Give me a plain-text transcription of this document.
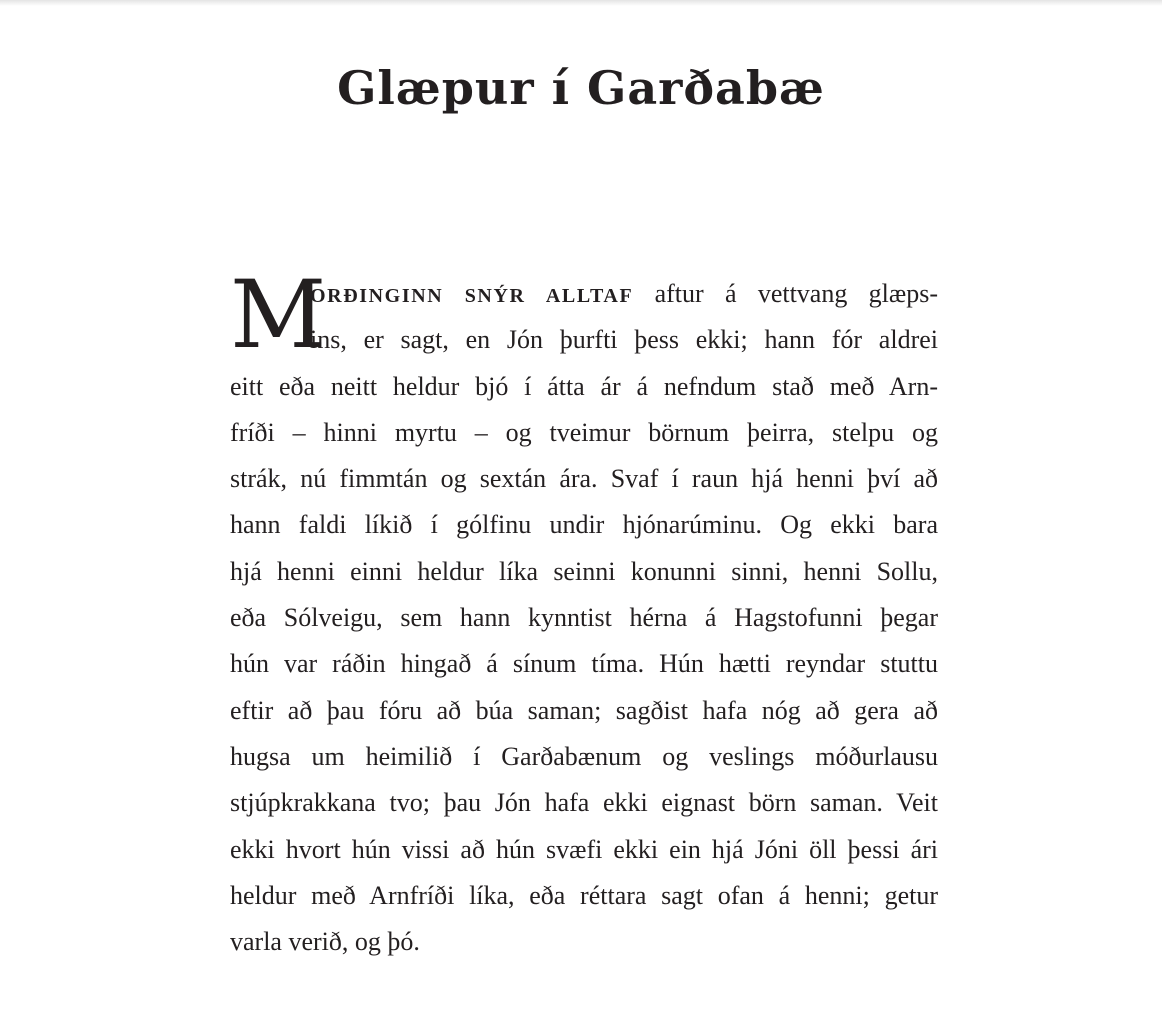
Glæpur í Garðabæ
M
ORÐINGINN SNÝR ALLTAF aftur á vettvang glæps-
ins, er sagt, en Jón þurfti þess ekki; hann fór aldrei
eitt eða neitt heldur bjó í átta ár á nefndum stað með Arn-
fríði – hinni myrtu – og tveimur börnum þeirra, stelpu og
strák, nú fimmtán og sextán ára. Svaf í raun hjá henni því að
hann faldi líkið í gólfinu undir hjónarúminu. Og ekki bara
hjá henni einni heldur líka seinni konunni sinni, henni Sollu,
eða Sólveigu, sem hann kynntist hérna á Hagstofunni þegar
hún var ráðin hingað á sínum tíma. Hún hætti reyndar stuttu
eftir að þau fóru að búa saman; sagðist hafa nóg að gera að
hugsa um heimilið í Garðabænum og veslings móðurlausu
stjúpkrakkana tvo; þau Jón hafa ekki eignast börn saman. Veit
ekki hvort hún vissi að hún svæfi ekki ein hjá Jóni öll þessi ári
heldur með Arnfríði líka, eða réttara sagt ofan á henni; getur
varla verið, og þó.
